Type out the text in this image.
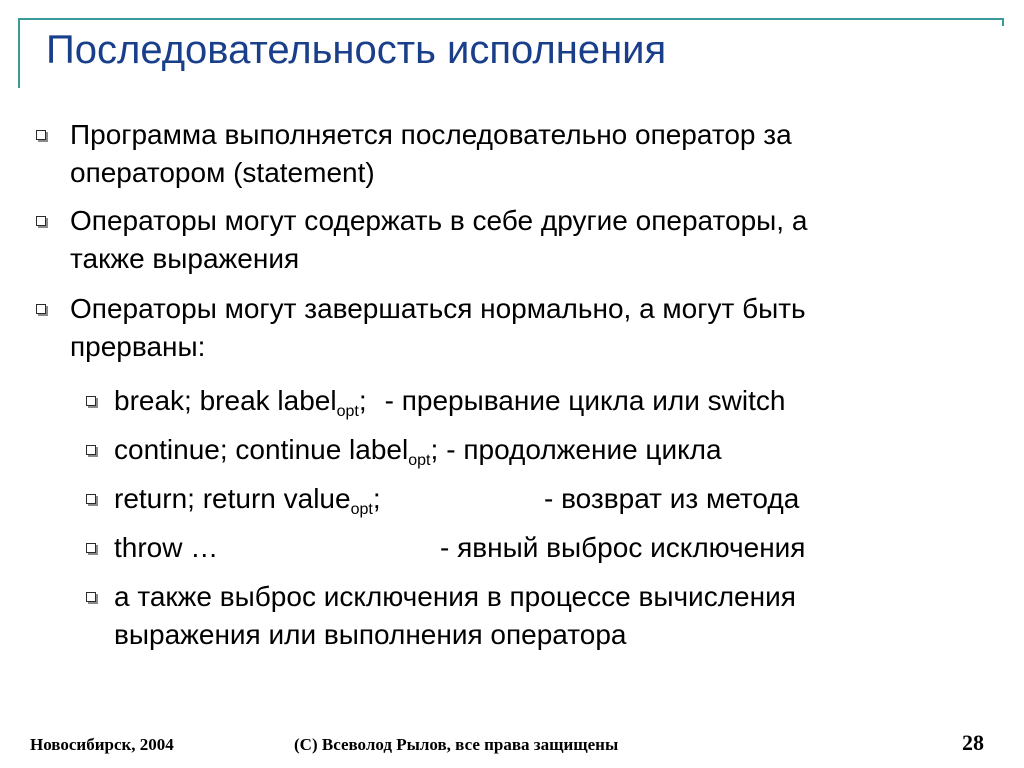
Последовательность исполнения
Программа выполняется последовательно оператор за
оператором (statement)
Операторы могут содержать в себе другие операторы, а
также выражения
Операторы могут завершаться нормально, а могут быть
прерваны:
break; break label$_{opt}$; - прерывание цикла или switch
continue; continue label$_{opt}$; - продолжение цикла
return; return value$_{opt}$;	- возврат из метода
throw …	- явный выброс исключения
а также выброс исключения в процессе вычисления
выражения или выполнения оператора
Новосибирск, 2004	(C) Всеволод Рылов, все права защищены	28
